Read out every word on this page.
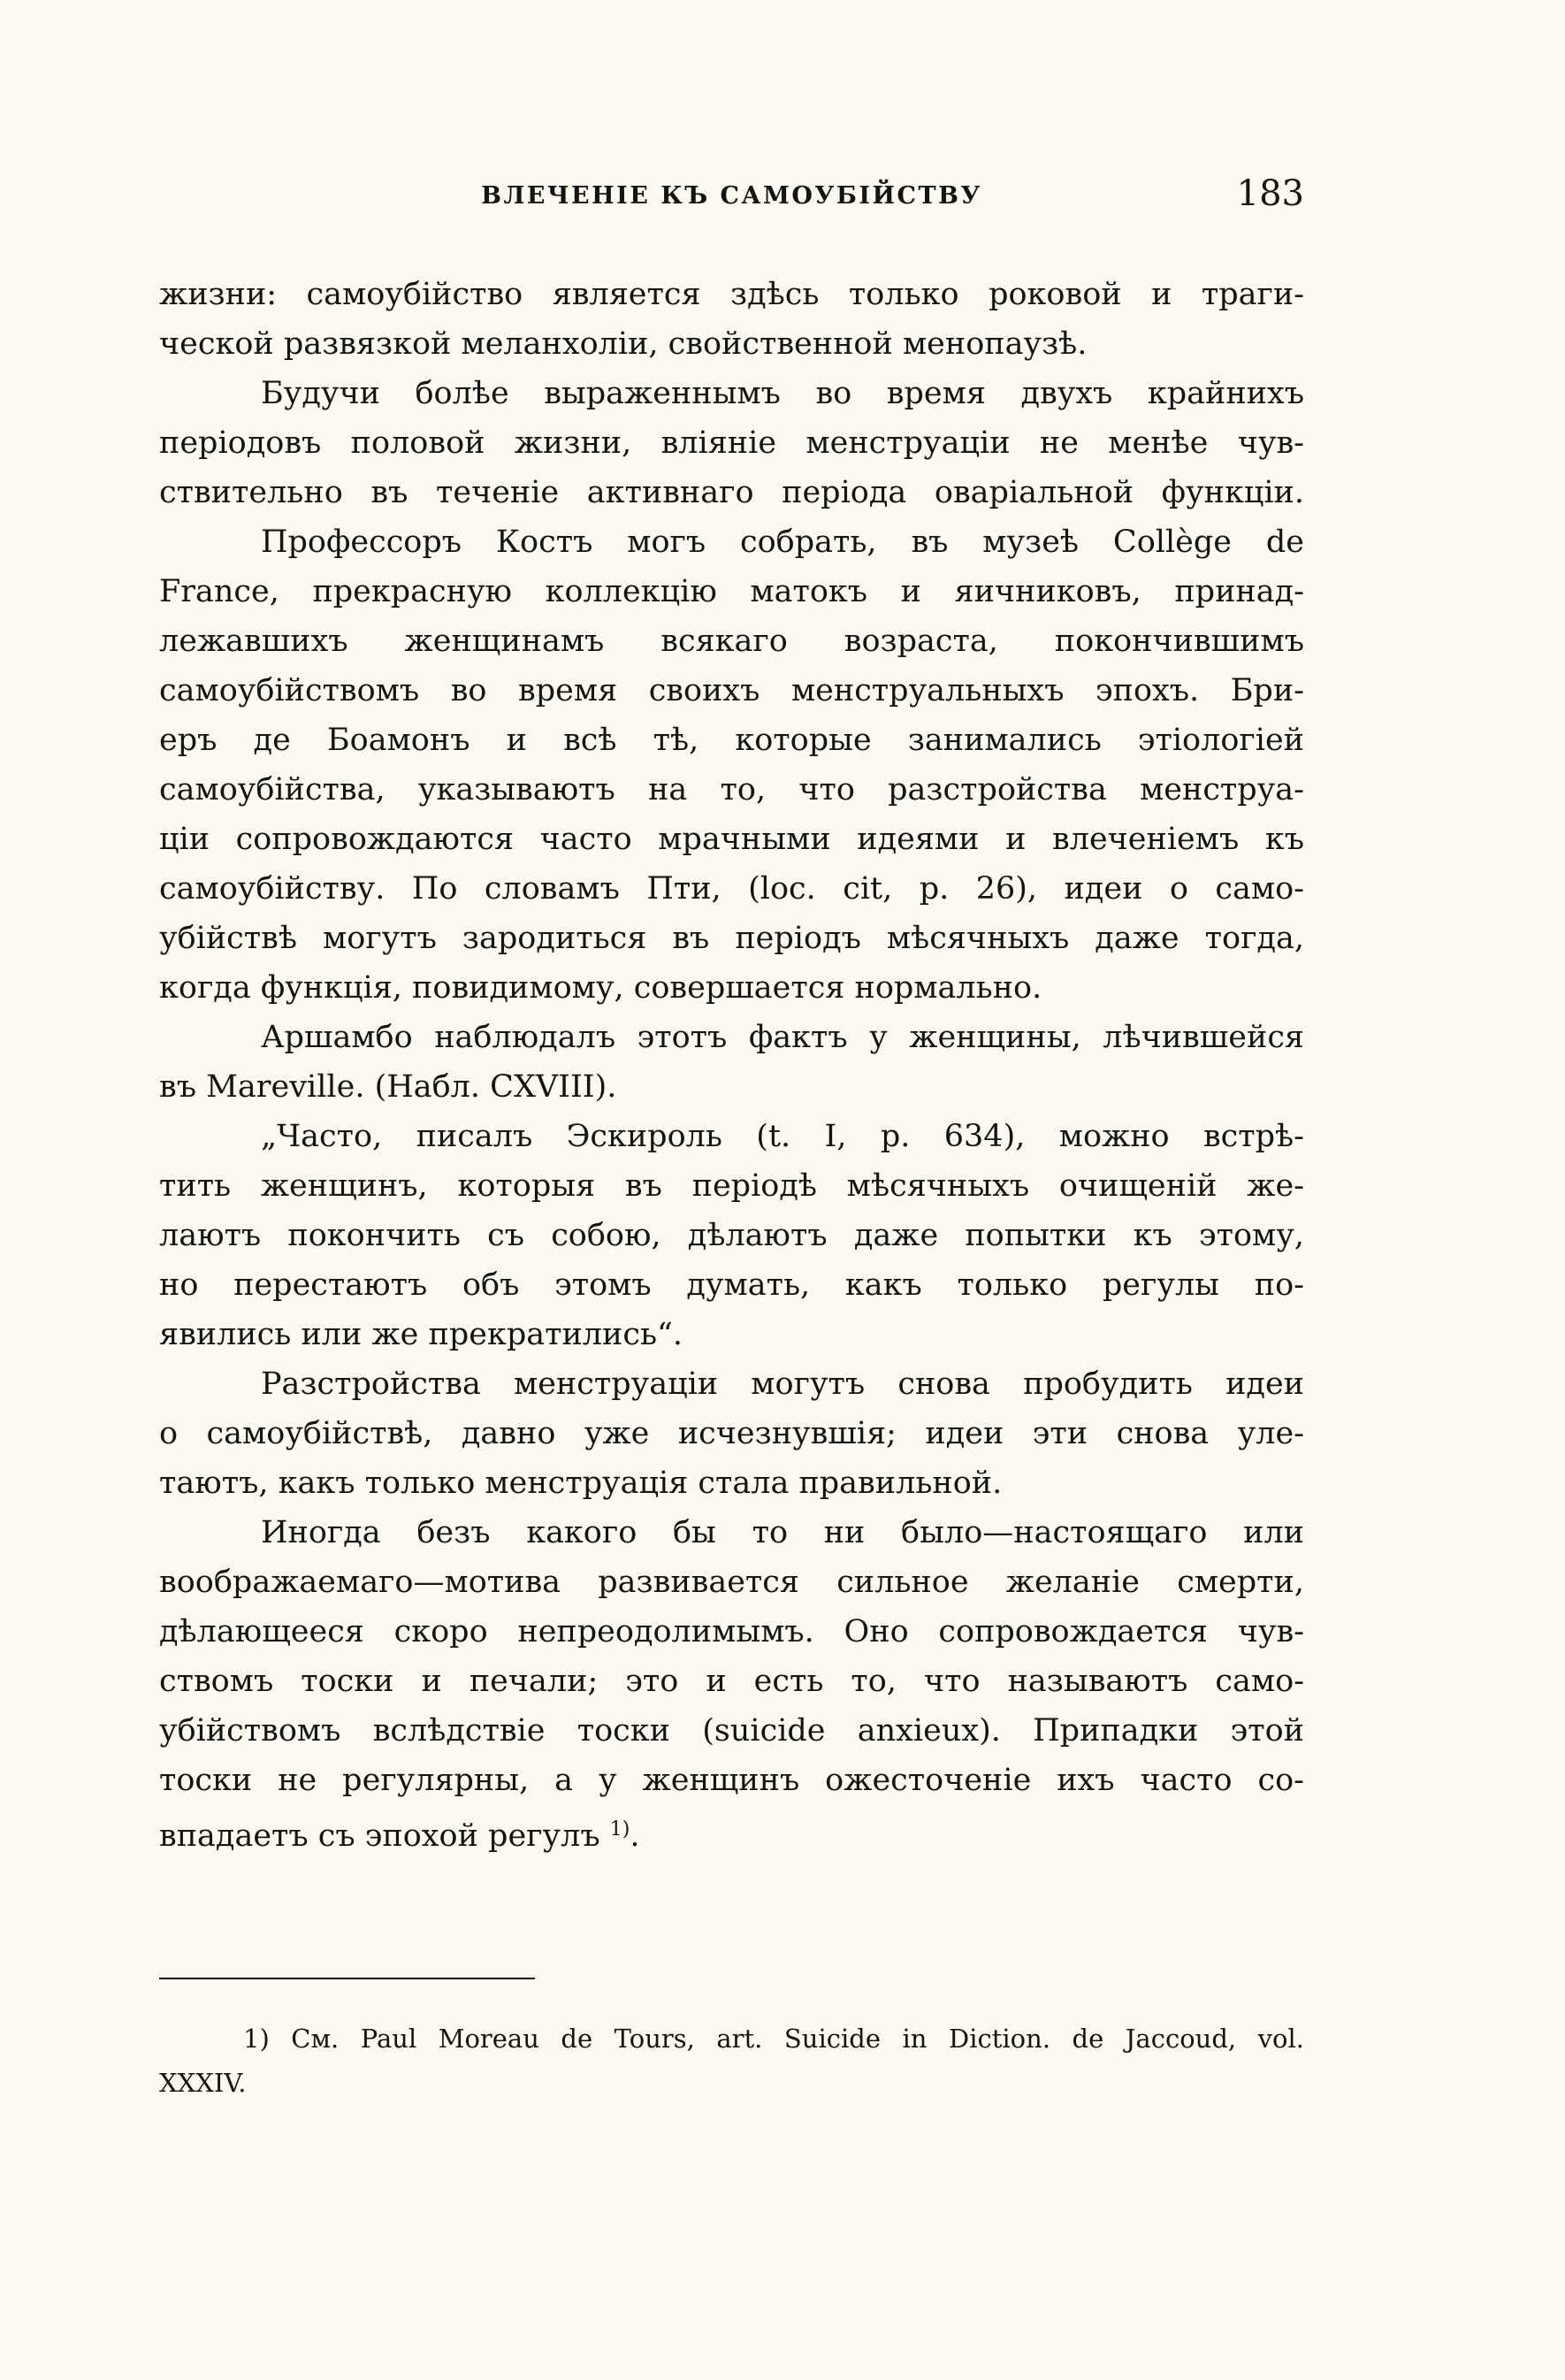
ВЛЕЧЕНІЕ КЪ САМОУБІЙСТВУ	183
жизни: самоубійство является здѣсь только роковой и траги-
ческой развязкой меланхоліи, свойственной менопаузѣ.
Будучи болѣе выраженнымъ во время двухъ крайнихъ
періодовъ половой жизни, вліяніе менструаціи не менѣе чув-
ствительно въ теченіе активнаго періода оваріальной функціи.
Профессоръ Костъ могъ собрать, въ музеѣ Collège de
France, прекрасную коллекцію матокъ и яичниковъ, принад-
лежавшихъ женщинамъ всякаго возраста, покончившимъ
самоубійствомъ во время своихъ менструальныхъ эпохъ. Бри-
еръ де Боамонъ и всѣ тѣ, которые занимались этіологіей
самоубійства, указываютъ на то, что разстройства менструа-
ціи сопровождаются часто мрачными идеями и влеченіемъ къ
самоубійству. По словамъ Пти, (loc. cit, p. 26), идеи о само-
убійствѣ могутъ зародиться въ періодъ мѣсячныхъ даже тогда,
когда функція, повидимому, совершается нормально.
Аршамбо наблюдалъ этотъ фактъ у женщины, лѣчившейся
въ Mareville. (Набл. CXVIII).
„Часто, писалъ Эскироль (t. I, p. 634), можно встрѣ-
тить женщинъ, которыя въ періодѣ мѣсячныхъ очищеній же-
лаютъ покончить съ собою, дѣлаютъ даже попытки къ этому,
но перестаютъ объ этомъ думать, какъ только регулы по-
явились или же прекратились“.
Разстройства менструаціи могутъ снова пробудить идеи
о самоубійствѣ, давно уже исчезнувшія; идеи эти снова уле-
таютъ, какъ только менструація стала правильной.
Иногда безъ какого бы то ни было—настоящаго или
воображаемаго—мотива развивается сильное желаніе смерти,
дѣлающееся скоро непреодолимымъ. Оно сопровождается чув-
ствомъ тоски и печали; это и есть то, что называютъ само-
убійствомъ вслѣдствіе тоски (suicide anxieux). Припадки этой
тоски не регулярны, а у женщинъ ожесточеніе ихъ часто со-
впадаетъ съ эпохой регулъ $^{1)}$.
1) См. Paul Moreau de Tours, art. Suicide in Diction. de Jaccoud, vol.
XXXIV.
